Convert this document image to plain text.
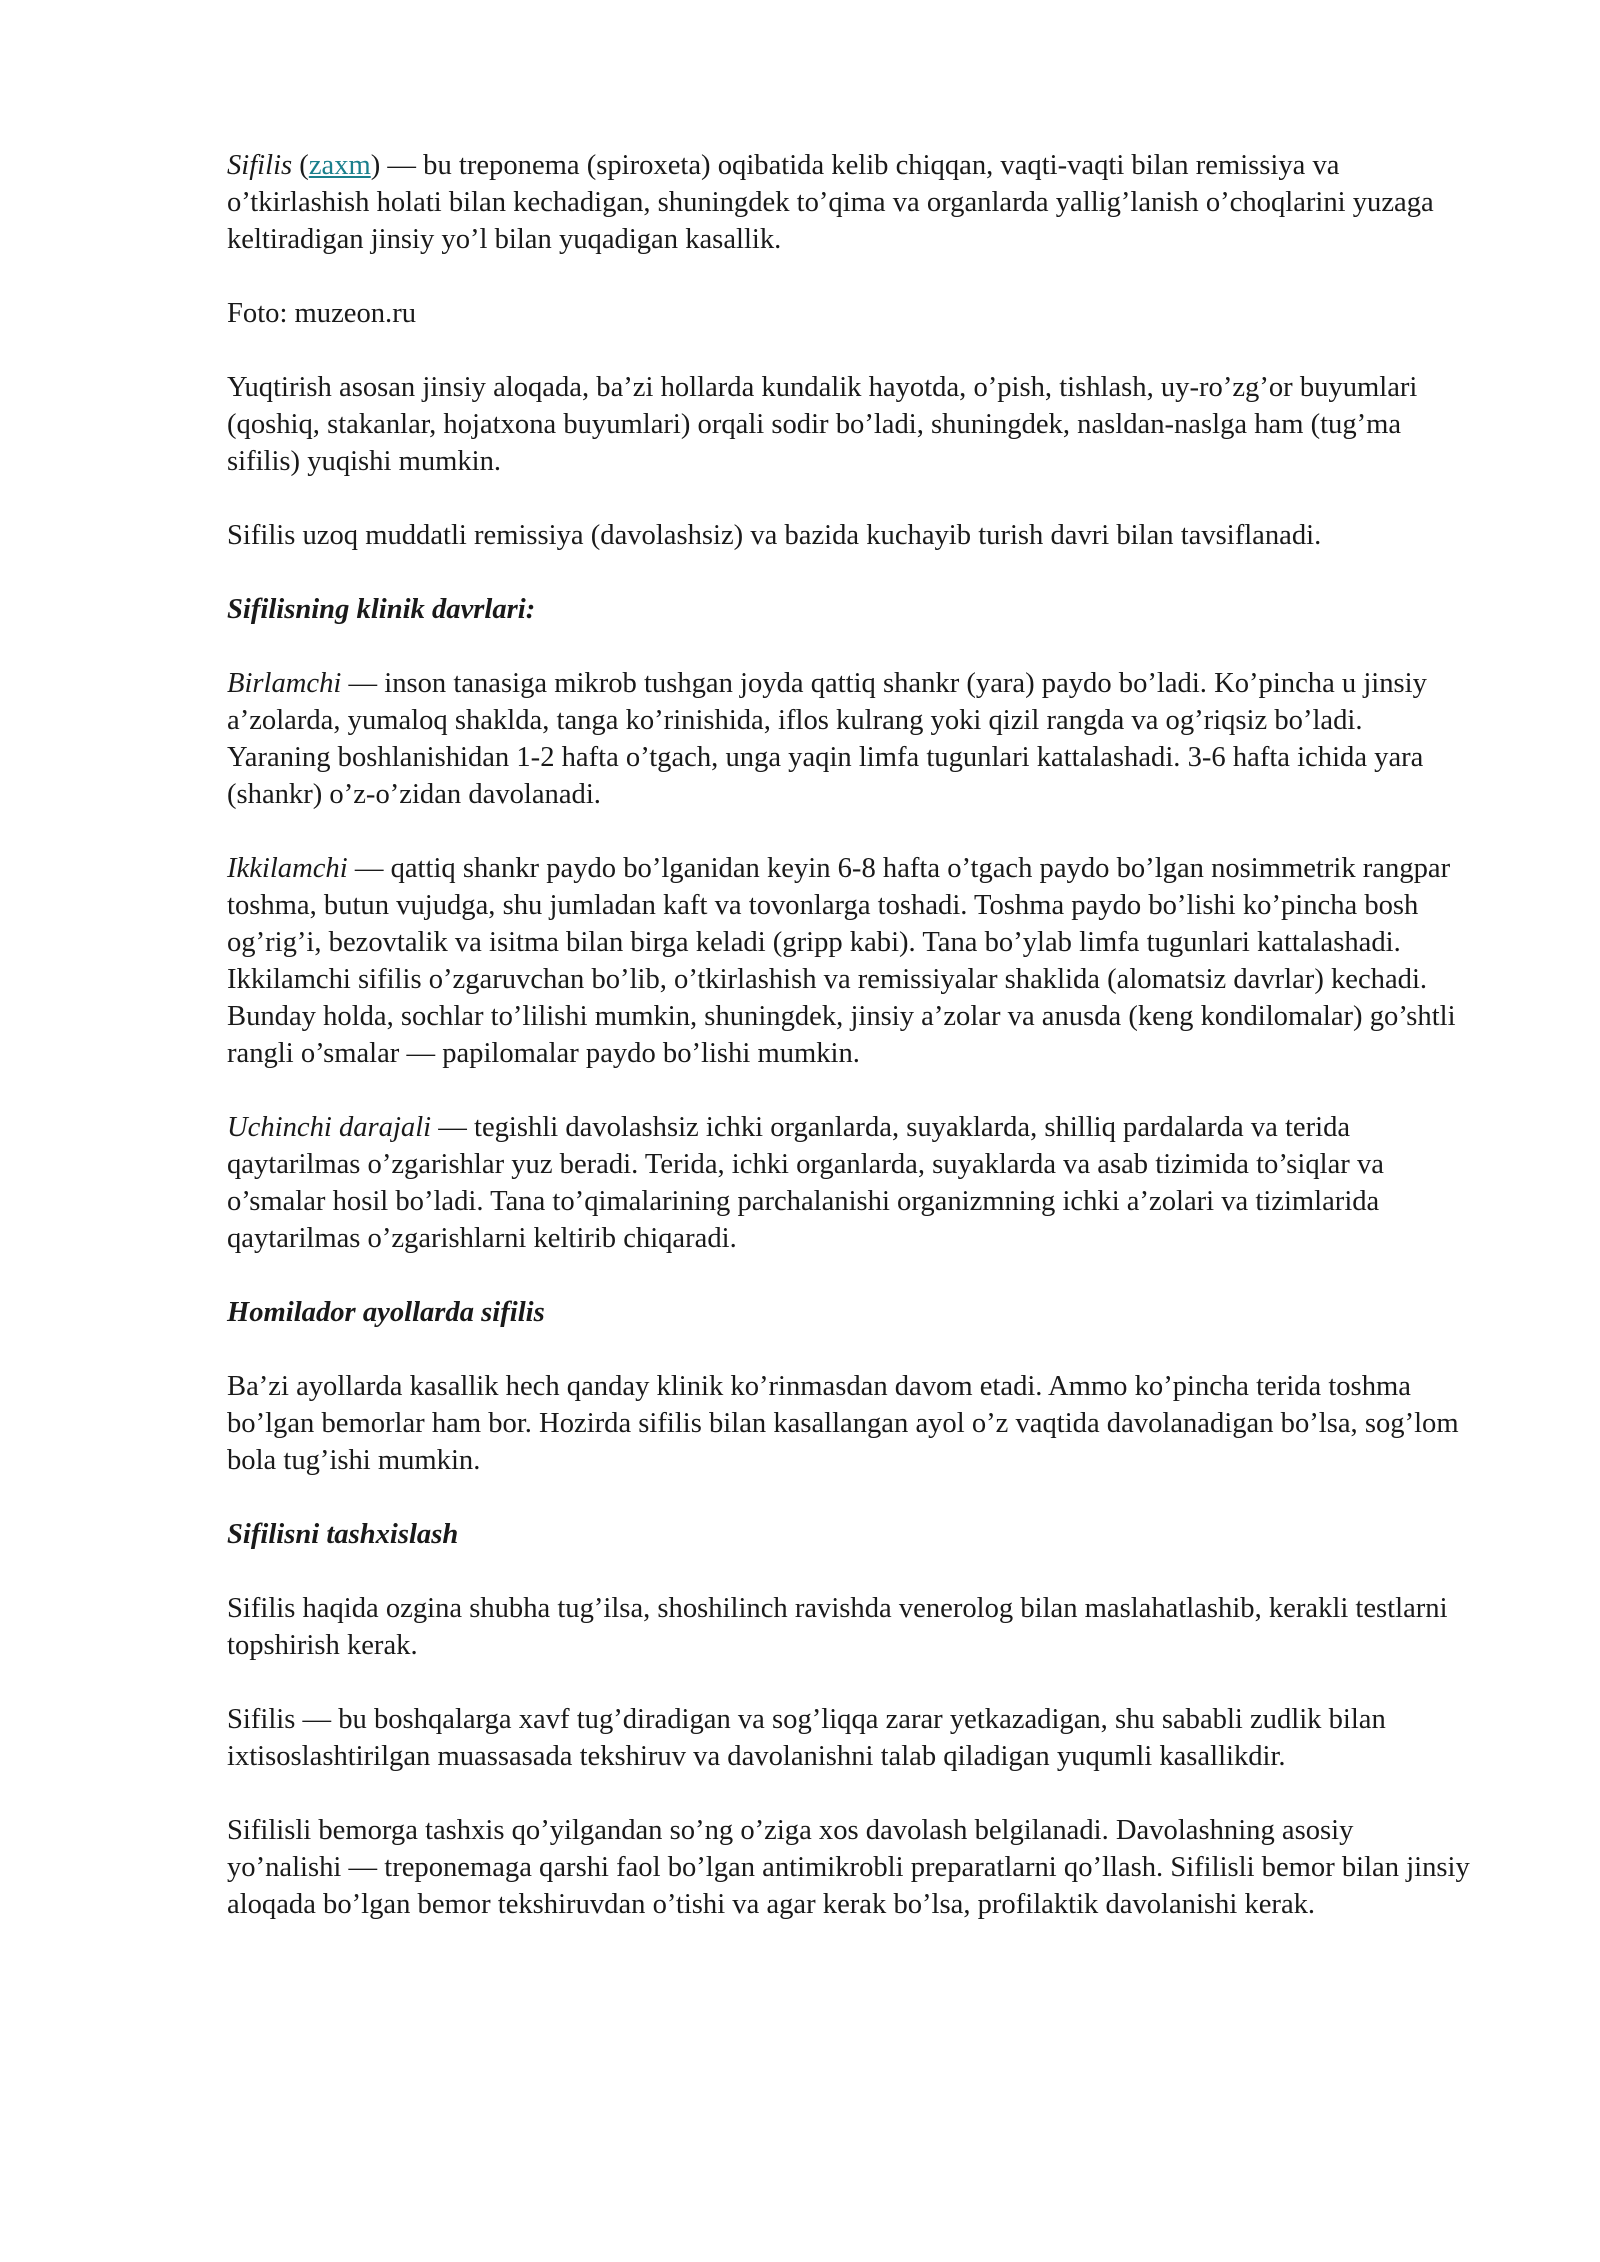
Sifilis (zaxm) — bu treponema (spiroxeta) oqibatida kelib chiqqan, vaqti-vaqti bilan remissiya va o’tkirlashish holati bilan kechadigan, shuningdek to’qima va organlarda yallig’lanish o’choqlarini yuzaga keltiradigan jinsiy yo’l bilan yuqadigan kasallik.

Foto: muzeon.ru

Yuqtirish asosan jinsiy aloqada, ba’zi hollarda kundalik hayotda, o’pish, tishlash, uy-ro’zg’or buyumlari (qoshiq, stakanlar, hojatxona buyumlari) orqali sodir bo’ladi, shuningdek, nasldan-naslga ham (tug’ma sifilis) yuqishi mumkin.

Sifilis uzoq muddatli remissiya (davolashsiz) va bazida kuchayib turish davri bilan tavsiflanadi.

Sifilisning klinik davrlari:

Birlamchi — inson tanasiga mikrob tushgan joyda qattiq shankr (yara) paydo bo’ladi. Ko’pincha u jinsiy a’zolarda, yumaloq shaklda, tanga ko’rinishida, iflos kulrang yoki qizil rangda va og’riqsiz bo’ladi. Yaraning boshlanishidan 1-2 hafta o’tgach, unga yaqin limfa tugunlari kattalashadi. 3-6 hafta ichida yara (shankr) o’z-o’zidan davolanadi.

Ikkilamchi — qattiq shankr paydo bo’lganidan keyin 6-8 hafta o’tgach paydo bo’lgan nosimmetrik rangpar toshma, butun vujudga, shu jumladan kaft va tovonlarga toshadi. Toshma paydo bo’lishi ko’pincha bosh og’rig’i, bezovtalik va isitma bilan birga keladi (gripp kabi). Tana bo’ylab limfa tugunlari kattalashadi. Ikkilamchi sifilis o’zgaruvchan bo’lib, o’tkirlashish va remissiyalar shaklida (alomatsiz davrlar) kechadi. Bunday holda, sochlar to’lilishi mumkin, shuningdek, jinsiy a’zolar va anusda (keng kondilomalar) go’shtli rangli o’smalar — papilomalar paydo bo’lishi mumkin.

Uchinchi darajali — tegishli davolashsiz ichki organlarda, suyaklarda, shilliq pardalarda va terida qaytarilmas o’zgarishlar yuz beradi. Terida, ichki organlarda, suyaklarda va asab tizimida to’siqlar va o’smalar hosil bo’ladi. Tana to’qimalarining parchalanishi organizmning ichki a’zolari va tizimlarida qaytarilmas o’zgarishlarni keltirib chiqaradi.

Homilador ayollarda sifilis

Ba’zi ayollarda kasallik hech qanday klinik ko’rinmasdan davom etadi. Ammo ko’pincha terida toshma bo’lgan bemorlar ham bor. Hozirda sifilis bilan kasallangan ayol o’z vaqtida davolanadigan bo’lsa, sog’lom bola tug’ishi mumkin.

Sifilisni tashxislash

Sifilis haqida ozgina shubha tug’ilsa, shoshilinch ravishda venerolog bilan maslahatlashib, kerakli testlarni topshirish kerak.

Sifilis — bu boshqalarga xavf tug’diradigan va sog’liqqa zarar yetkazadigan, shu sababli zudlik bilan ixtisoslashtirilgan muassasada tekshiruv va davolanishni talab qiladigan yuqumli kasallikdir.

Sifilisli bemorga tashxis qo’yilgandan so’ng o’ziga xos davolash belgilanadi. Davolashning asosiy yo’nalishi — treponemaga qarshi faol bo’lgan antimikrobli preparatlarni qo’llash. Sifilisli bemor bilan jinsiy aloqada bo’lgan bemor tekshiruvdan o’tishi va agar kerak bo’lsa, profilaktik davolanishi kerak.
